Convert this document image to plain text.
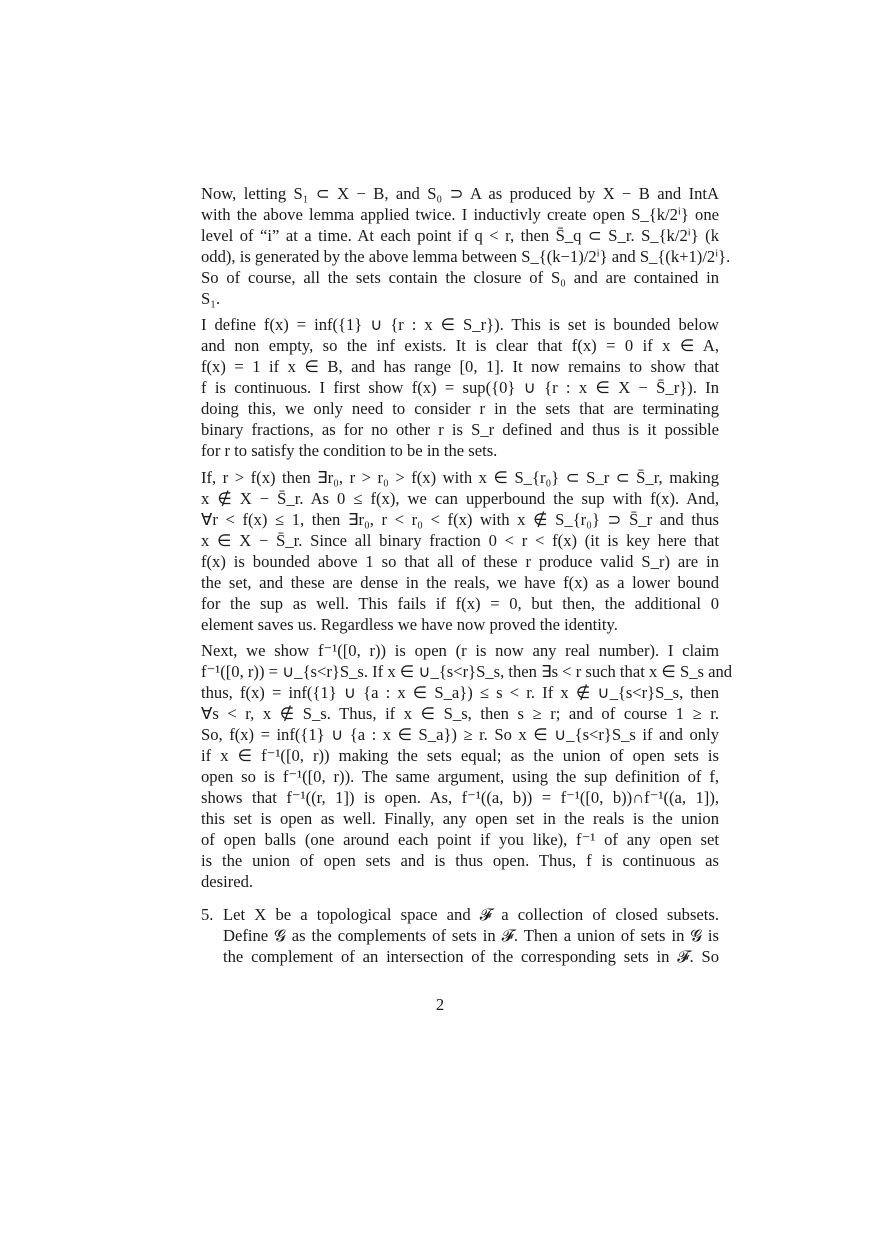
Now, letting S₁ ⊂ X − B, and S₀ ⊃ A as produced by X − B and IntA
with the above lemma applied twice. I inductivly create open S_{k/2ⁱ} one
level of “i” at a time. At each point if q < r, then S̄_q ⊂ S_r. S_{k/2ⁱ} (k
odd), is generated by the above lemma between S_{(k−1)/2ⁱ} and S_{(k+1)/2ⁱ}.
So of course, all the sets contain the closure of S₀ and are contained in
S₁.
I define f(x) = inf({1} ∪ {r : x ∈ S_r}). This is set is bounded below
and non empty, so the inf exists. It is clear that f(x) = 0 if x ∈ A,
f(x) = 1 if x ∈ B, and has range [0, 1]. It now remains to show that
f is continuous. I first show f(x) = sup({0} ∪ {r : x ∈ X − S̄_r}). In
doing this, we only need to consider r in the sets that are terminating
binary fractions, as for no other r is S_r defined and thus is it possible
for r to satisfy the condition to be in the sets.
If, r > f(x) then ∃r₀, r > r₀ > f(x) with x ∈ S_{r₀} ⊂ S_r ⊂ S̄_r, making
x ∉ X − S̄_r. As 0 ≤ f(x), we can upperbound the sup with f(x). And,
∀r < f(x) ≤ 1, then ∃r₀, r < r₀ < f(x) with x ∉ S_{r₀} ⊃ S̄_r and thus
x ∈ X − S̄_r. Since all binary fraction 0 < r < f(x) (it is key here that
f(x) is bounded above 1 so that all of these r produce valid S_r) are in
the set, and these are dense in the reals, we have f(x) as a lower bound
for the sup as well. This fails if f(x) = 0, but then, the additional 0
element saves us. Regardless we have now proved the identity.
Next, we show f⁻¹([0, r)) is open (r is now any real number). I claim
f⁻¹([0, r)) = ∪_{s<r}S_s. If x ∈ ∪_{s<r}S_s, then ∃s < r such that x ∈ S_s and
thus, f(x) = inf({1} ∪ {a : x ∈ S_a}) ≤ s < r. If x ∉ ∪_{s<r}S_s, then
∀s < r, x ∉ S_s. Thus, if x ∈ S_s, then s ≥ r; and of course 1 ≥ r.
So, f(x) = inf({1} ∪ {a : x ∈ S_a}) ≥ r. So x ∈ ∪_{s<r}S_s if and only
if x ∈ f⁻¹([0, r)) making the sets equal; as the union of open sets is
open so is f⁻¹([0, r)). The same argument, using the sup definition of f,
shows that f⁻¹((r, 1]) is open. As, f⁻¹((a, b)) = f⁻¹([0, b))∩f⁻¹((a, 1]),
this set is open as well. Finally, any open set in the reals is the union
of open balls (one around each point if you like), f⁻¹ of any open set
is the union of open sets and is thus open. Thus, f is continuous as
desired.
5. Let X be a topological space and 𝓕 a collection of closed subsets.
Define 𝓖 as the complements of sets in 𝓕. Then a union of sets in 𝓖 is
the complement of an intersection of the corresponding sets in 𝓕. So
2
